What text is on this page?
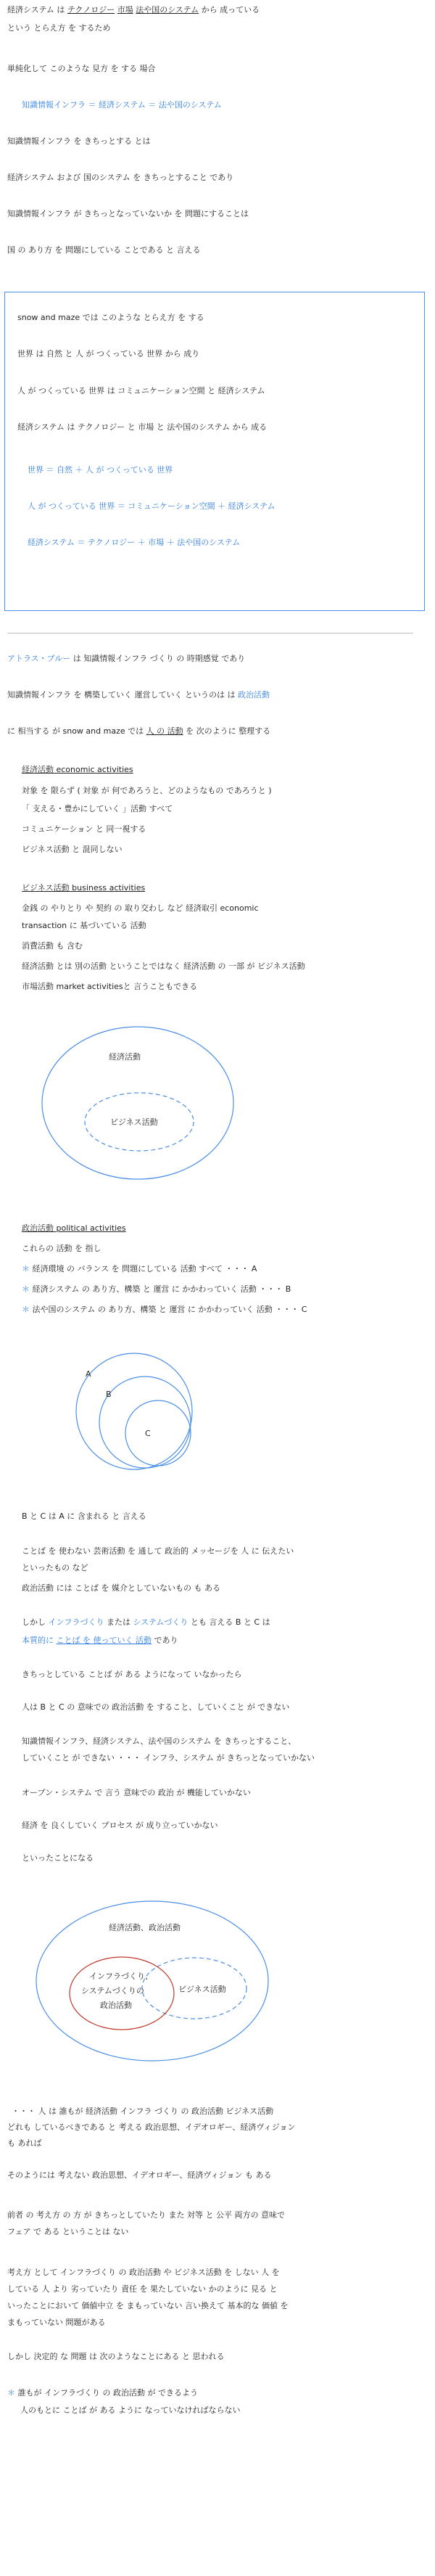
経済システム は テクノロジー 市場 法や国のシステム から 成っている

という とらえ方 を するため

単純化して このような 見方 を する 場合

知識情報インフラ ＝ 経済システム ＝ 法や国のシステム

知識情報インフラ を きちっとする とは

経済システム および 国のシステム を きちっとすること であり

知識情報インフラ が きちっとなっていないか を 問題にすることは

国 の あり方 を 問題にしている ことである と 言える

snow and maze では このような とらえ方 を する

世界 は 自然 と 人 が つくっている 世界 から 成り

人 が つくっている 世界 は コミュニケーション空間 と 経済システム

経済システム は テクノロジー と 市場 と 法や国のシステム から 成る

世界 ＝ 自然 ＋ 人 が つくっている 世界

人 が つくっている 世界 ＝ コミュニケーション空間 ＋ 経済システム

経済システム ＝ テクノロジー ＋ 市場 ＋ 法や国のシステム

アトラス・ブルー は 知識情報インフラ づくり の 時期感覚 であり

知識情報インフラ を 構築していく 運営していく というのは は 政治活動

に 相当する が snow and maze では 人 の 活動 を 次のように 整理する

経済活動 economic activities

対象 を 限らず ( 対象 が 何であろうと、どのようなもの であろうと )

「 支える・豊かにしていく 」活動 すべて

コミュニケーション と 同一視する

ビジネス活動 と 混同しない

ビジネス活動 business activities

金銭 の やりとり や 契約 の 取り交わし など 経済取引 economic

transaction に 基づいている 活動

消費活動 も 含む

経済活動 とは 別の活動 ということではなく 経済活動 の 一部 が ビジネス活動

市場活動 market activitiesと 言うこともできる

経済活動
ビジネス活動

政治活動 political activities

これらの 活動 を 指し

＊ 経済環境 の バランス を 問題にしている 活動 すべて ・・・ A

＊ 経済システム の あり方、構築 と 運営 に かかわっていく 活動 ・・・ B

＊ 法や国のシステム の あり方、構築 と 運営 に かかわっていく 活動 ・・・ C

A
B
C

B と C は A に 含まれる と 言える

ことば を 使わない 芸術活動 を 通して 政治的 メッセージを 人 に 伝えたい

といったもの など

政治活動 には ことば を 媒介としていないもの も ある

しかし インフラづくり または システムづくり とも 言える B と C は

本質的に ことば を 使っていく 活動 であり

きちっとしている ことば が ある ようになって いなかったら

人は B と C の 意味での 政治活動 を すること、していくこと が できない

知識情報インフラ、経済システム、法や国のシステム を きちっとすること、

していくこと が できない ・・・ インフラ、システム が きちっとなっていかない

オープン・システム で 言う 意味での 政治 が 機能していかない

経済 を 良くしていく プロセス が 成り立っていかない

といったことになる

経済活動、政治活動
インフラづくり、
システムづくりの
政治活動
ビジネス活動

・・・ 人 は 誰もが 経済活動 インフラ づくり の 政治活動 ビジネス活動

どれも しているべきである と 考える 政治思想、イデオロギー、経済ヴィジョン

も あれば

そのようには 考えない 政治思想、イデオロギー、経済ヴィジョン も ある

前者 の 考え方 の 方 が きちっとしていたり また 対等 と 公平 両方の 意味で

フェア で ある ということは ない

考え方 として インフラづくり の 政治活動 や ビジネス活動 を しない 人 を

している 人 より 劣っていたり 責任 を 果たしていない かのように 見る と

いったことにおいて 価値中立 を まもっていない 言い換えて 基本的な 価値 を

まもっていない 問題がある

しかし 決定的 な 問題 は 次のようなことにある と 思われる

＊ 誰もが インフラづくり の 政治活動 が できるよう

人のもとに ことば が ある ように なっていなければならない
